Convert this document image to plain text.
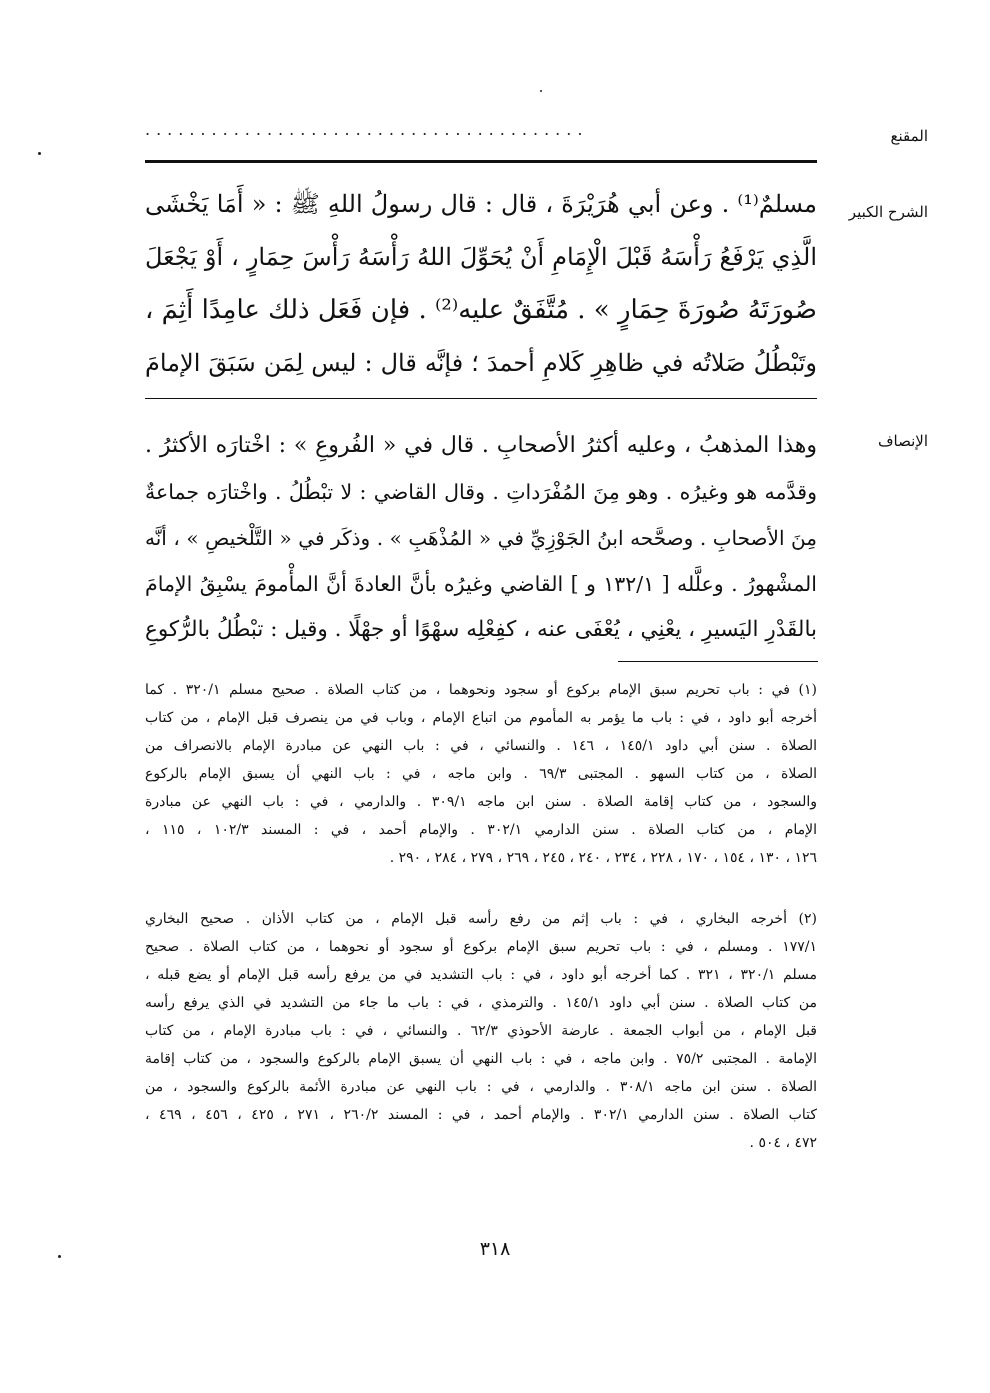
المقنع
........................................
الشرح الكبير
مسلمٌ⁽¹⁾ . وعن أبي هُرَيْرَةَ ، قال : قال رسولُ اللهِ ﷺ : « أَمَا يَخْشَى
الَّذِي يَرْفَعُ رَأْسَهُ قَبْلَ الْإِمَامِ أَنْ يُحَوِّلَ اللهُ رَأْسَهُ رَأْسَ حِمَارٍ ، أَوْ يَجْعَلَ
صُورَتَهُ صُورَةَ حِمَارٍ » . مُتَّفَقٌ عليه⁽²⁾ . فإن فَعَل ذلك عامِدًا أَثِمَ ،
وتَبْطُلُ صَلاتُه في ظاهِرِ كَلامِ أحمدَ ؛ فإنَّه قال : ليس لِمَن سَبَقَ الإمامَ
الإنصاف
وهذا المذهبُ ، وعليه أكثرُ الأصحابِ . قال في « الفُروعِ » : اخْتارَه الأكثرُ .
وقدَّمه هو وغيرُه . وهو مِنَ المُفْرَداتِ . وقال القاضي : لا تبْطُلُ . واخْتارَه جماعةٌ
مِنَ الأصحابِ . وصحَّحه ابنُ الجَوْزِيِّ في « المُذْهَبِ » . وذكَر في « التَّلْخيصِ » ، أنَّه
المشْهورُ . وعلَّله [ ١٣٢/١ و ] القاضي وغيرُه بأنَّ العادةَ أنَّ المأْمومَ يسْبِقُ الإمامَ
بالقَدْرِ اليَسيرِ ، يعْنِي ، يُعْفَى عنه ، كفِعْلِه سهْوًا أو جهْلًا . وقيل : تبْطُلُ بالرُّكوعِ
(١) في : باب تحريم سبق الإمام بركوع أو سجود ونحوهما ، من كتاب الصلاة . صحيح مسلم ٣٢٠/١ . كما
أخرجه أبو داود ، في : باب ما يؤمر به المأموم من اتباع الإمام ، وباب في من ينصرف قبل الإمام ، من كتاب
الصلاة . سنن أبي داود ١٤٥/١ ، ١٤٦ . والنسائي ، في : باب النهي عن مبادرة الإمام بالانصراف من
الصلاة ، من كتاب السهو . المجتبى ٦٩/٣ . وابن ماجه ، في : باب النهي أن يسبق الإمام بالركوع
والسجود ، من كتاب إقامة الصلاة . سنن ابن ماجه ٣٠٩/١ . والدارمي ، في : باب النهي عن مبادرة
الإمام ، من كتاب الصلاة . سنن الدارمي ٣٠٢/١ . والإمام أحمد ، في : المسند ١٠٢/٣ ، ١١٥ ،
١٢٦ ، ١٣٠ ، ١٥٤ ، ١٧٠ ، ٢٢٨ ، ٢٣٤ ، ٢٤٠ ، ٢٤٥ ، ٢٦٩ ، ٢٧٩ ، ٢٨٤ ، ٢٩٠ .
(٢) أخرجه البخاري ، في : باب إثم من رفع رأسه قبل الإمام ، من كتاب الأذان . صحيح البخاري
١٧٧/١ . ومسلم ، في : باب تحريم سبق الإمام بركوع أو سجود أو نحوهما ، من كتاب الصلاة . صحيح
مسلم ٣٢٠/١ ، ٣٢١ . كما أخرجه أبو داود ، في : باب التشديد في من يرفع رأسه قبل الإمام أو يضع قبله ،
من كتاب الصلاة . سنن أبي داود ١٤٥/١ . والترمذي ، في : باب ما جاء من التشديد في الذي يرفع رأسه
قبل الإمام ، من أبواب الجمعة . عارضة الأحوذي ٦٢/٣ . والنسائي ، في : باب مبادرة الإمام ، من كتاب
الإمامة . المجتبى ٧٥/٢ . وابن ماجه ، في : باب النهي أن يسبق الإمام بالركوع والسجود ، من كتاب إقامة
الصلاة . سنن ابن ماجه ٣٠٨/١ . والدارمي ، في : باب النهي عن مبادرة الأئمة بالركوع والسجود ، من
كتاب الصلاة . سنن الدارمي ٣٠٢/١ . والإمام أحمد ، في : المسند ٢٦٠/٢ ، ٢٧١ ، ٤٢٥ ، ٤٥٦ ، ٤٦٩ ،
٤٧٢ ، ٥٠٤ .
٣١٨
